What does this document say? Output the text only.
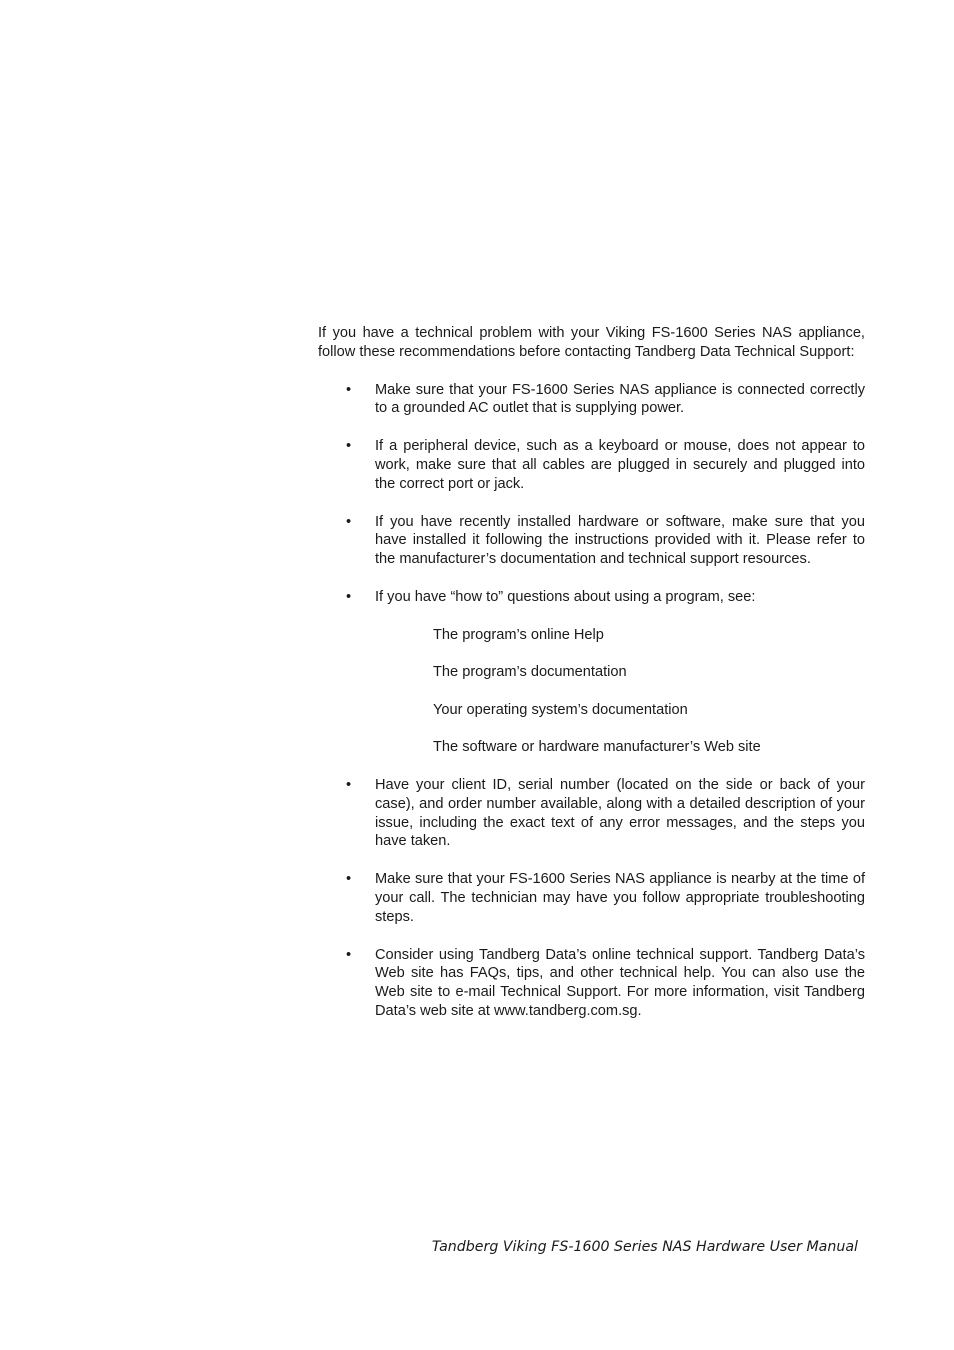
If you have a technical problem with your Viking FS-1600 Series NAS appliance, follow these recommendations before contacting Tandberg Data Technical Support:

•	Make sure that your FS-1600 Series NAS appliance is connected correctly to a grounded AC outlet that is supplying power.
•	If a peripheral device, such as a keyboard or mouse, does not appear to work, make sure that all cables are plugged in securely and plugged into the correct port or jack.
•	If you have recently installed hardware or software, make sure that you have installed it following the instructions provided with it. Please refer to the manufacturer’s documentation and technical support resources.
•	If you have “how to” questions about using a program, see:
The program’s online Help
The program’s documentation
Your operating system’s documentation
The software or hardware manufacturer’s Web site
•	Have your client ID, serial number (located on the side or back of your case), and order number available, along with a detailed description of your issue, including the exact text of any error messages, and the steps you have taken.
•	Make sure that your FS-1600 Series NAS appliance is nearby at the time of your call. The technician may have you follow appropriate troubleshooting steps.
•	Consider using Tandberg Data’s online technical support. Tandberg Data’s Web site has FAQs, tips, and other technical help. You can also use the Web site to e-mail Technical Support. For more information, visit Tandberg Data’s web site at www.tandberg.com.sg.
Tandberg Viking FS-1600 Series NAS Hardware User Manual
